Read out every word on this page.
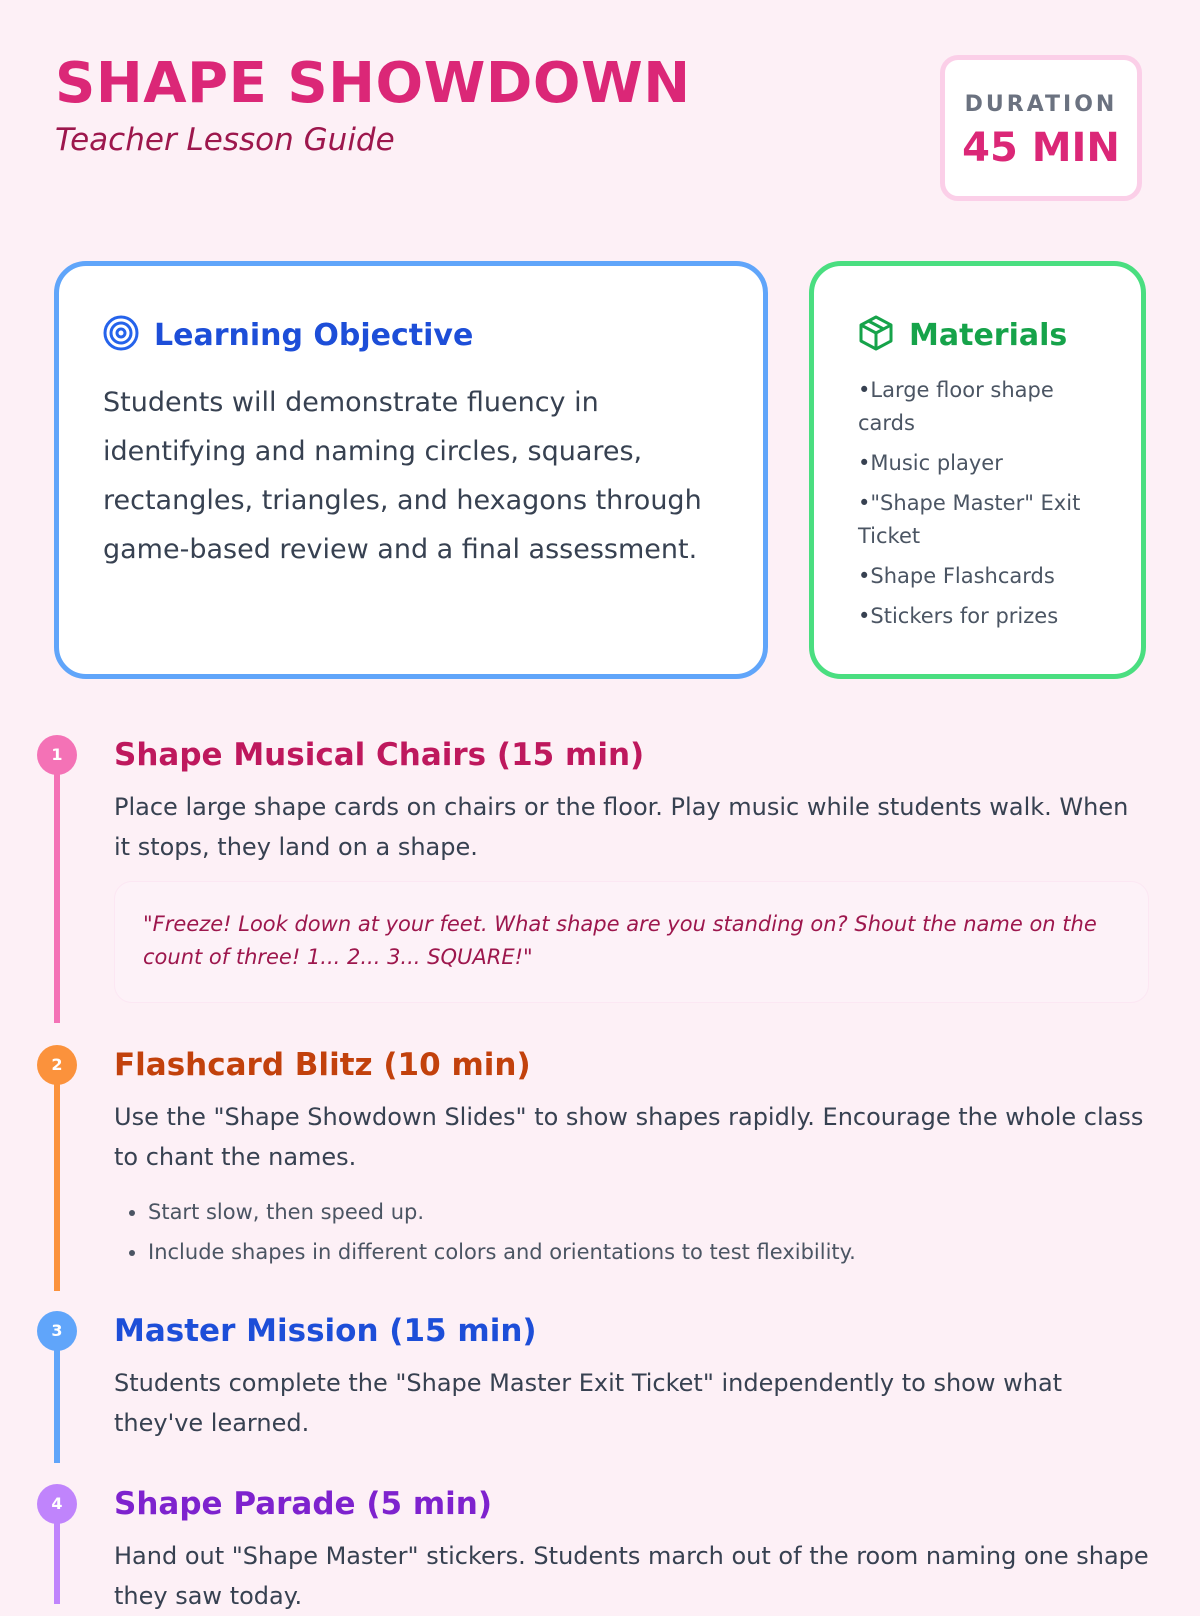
SHAPE SHOWDOWN
Teacher Lesson Guide
DURATION
45 MIN
Learning Objective
Students will demonstrate fluency in identifying and naming circles, squares, rectangles, triangles, and hexagons through game-based review and a final assessment.
Materials
• Large floor shape cards
• Music player
• "Shape Master" Exit Ticket
• Shape Flashcards
• Stickers for prizes
1	Shape Musical Chairs (15 min)
Place large shape cards on chairs or the floor. Play music while students walk. When it stops, they land on a shape.
"Freeze! Look down at your feet. What shape are you standing on? Shout the name on the count of three! 1... 2... 3... SQUARE!"
2	Flashcard Blitz (10 min)
Use the "Shape Showdown Slides" to show shapes rapidly. Encourage the whole class to chant the names.
• Start slow, then speed up.
• Include shapes in different colors and orientations to test flexibility.
3	Master Mission (15 min)
Students complete the "Shape Master Exit Ticket" independently to show what they've learned.
4	Shape Parade (5 min)
Hand out "Shape Master" stickers. Students march out of the room naming one shape they saw today.
